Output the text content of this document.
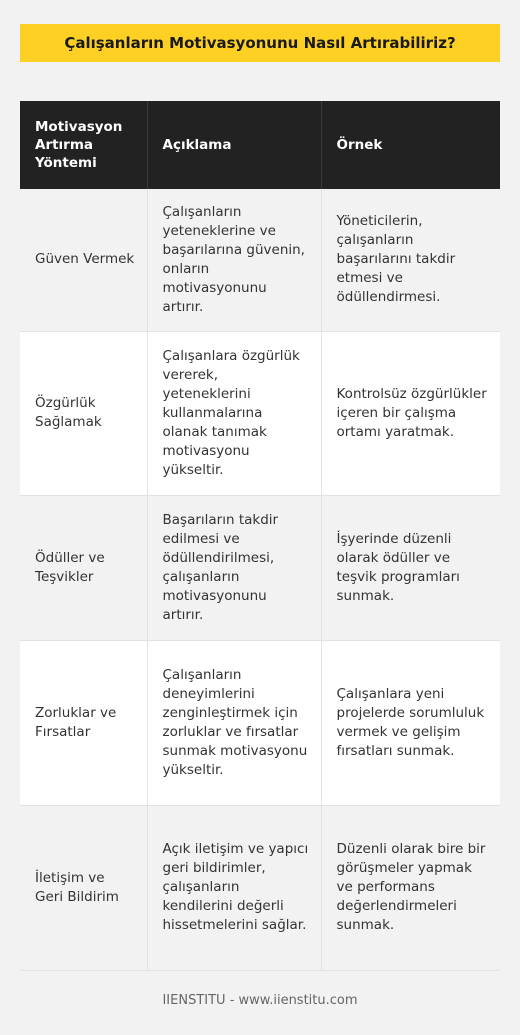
Çalışanların Motivasyonunu Nasıl Artırabiliriz?
Motivasyon Artırma Yöntemi	Açıklama	Örnek
Güven Vermek	Çalışanların yeteneklerine ve başarılarına güvenin, onların motivasyonunu artırır.	Yöneticilerin, çalışanların başarılarını takdir etmesi ve ödüllendirmesi.
Özgürlük Sağlamak	Çalışanlara özgürlük vererek, yeteneklerini kullanmalarına olanak tanımak motivasyonu yükseltir.	Kontrolsüz özgürlükler içeren bir çalışma ortamı yaratmak.
Ödüller ve Teşvikler	Başarıların takdir edilmesi ve ödüllendirilmesi, çalışanların motivasyonunu artırır.	İşyerinde düzenli olarak ödüller ve teşvik programları sunmak.
Zorluklar ve Fırsatlar	Çalışanların deneyimlerini zenginleştirmek için zorluklar ve fırsatlar sunmak motivasyonu yükseltir.	Çalışanlara yeni projelerde sorumluluk vermek ve gelişim fırsatları sunmak.
İletişim ve Geri Bildirim	Açık iletişim ve yapıcı geri bildirimler, çalışanların kendilerini değerli hissetmelerini sağlar.	Düzenli olarak bire bir görüşmeler yapmak ve performans değerlendirmeleri sunmak.
IIENSTITU - www.iienstitu.com
